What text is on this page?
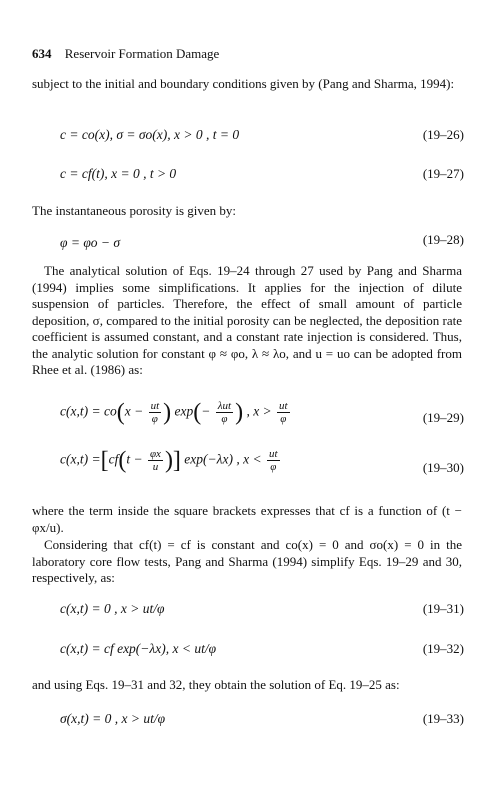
634 Reservoir Formation Damage
subject to the initial and boundary conditions given by (Pang and Sharma, 1994):
c = co(x), σ = σo(x), x > 0 , t = 0	(19–26)
c = cf(t), x = 0 , t > 0	(19–27)
The instantaneous porosity is given by:
φ = φo − σ	(19–28)
The analytical solution of Eqs. 19–24 through 27 used by Pang and Sharma (1994) implies some simplifications. It applies for the injection of dilute suspension of particles. Therefore, the effect of small amount of particle deposition, σ, compared to the initial porosity can be neglected, the deposition rate coefficient is assumed constant, and a constant rate injection is considered. Thus, the analytic solution for constant φ ≈ φo, λ ≈ λo, and u = uo can be adopted from Rhee et al. (1986) as:
$c(x,t) = co(x - \frac{ut}{\varphi}$ ) $\exp(- \frac{\text{λut}}{\varphi}$ ) , $x > \frac{ut}{\varphi}$	(19–29)
$c(x,t) =[cf(t - \frac{\varphi x}{u}$ )] exp(−λx) , $x < \frac{ut}{\varphi}$	(19–30)
where the term inside the square brackets expresses that cf is a function of (t − φx/u).
Considering that cf(t) = cf is constant and co(x) = 0 and σo(x) = 0 in the laboratory core flow tests, Pang and Sharma (1994) simplify Eqs. 19–29 and 30, respectively, as:
c(x,t) = 0 , x > ut/φ	(19–31)
c(x,t) = cf exp(−λx), x < ut/φ	(19–32)
and using Eqs. 19–31 and 32, they obtain the solution of Eq. 19–25 as:
σ(x,t) = 0 , x > ut/φ	(19–33)
